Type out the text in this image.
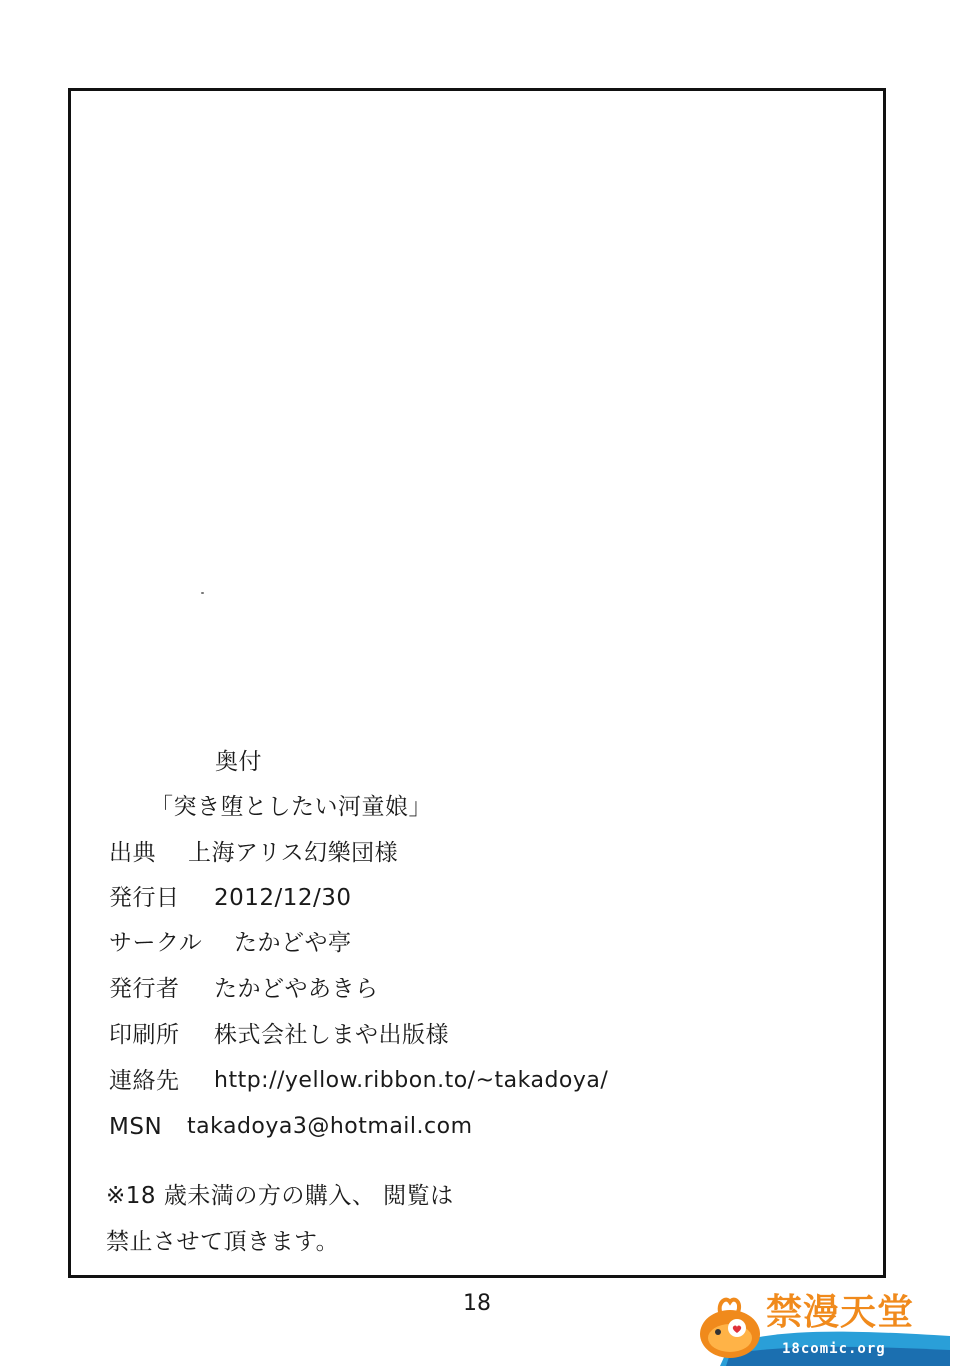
奥付
「突き堕としたい河童娘」
出典 上海アリス幻樂団様
発行日 2012/12/30
サークル たかどや亭
発行者 たかどやあきら
印刷所 株式会社しまや出版様
連絡先 http://yellow.ribbon.to/~takadoya/
MSN takadoya3@hotmail.com
※18 歳未満の方の購入、 閲覧は
禁止させて頂きます。
18	禁漫天堂
18comic.org
